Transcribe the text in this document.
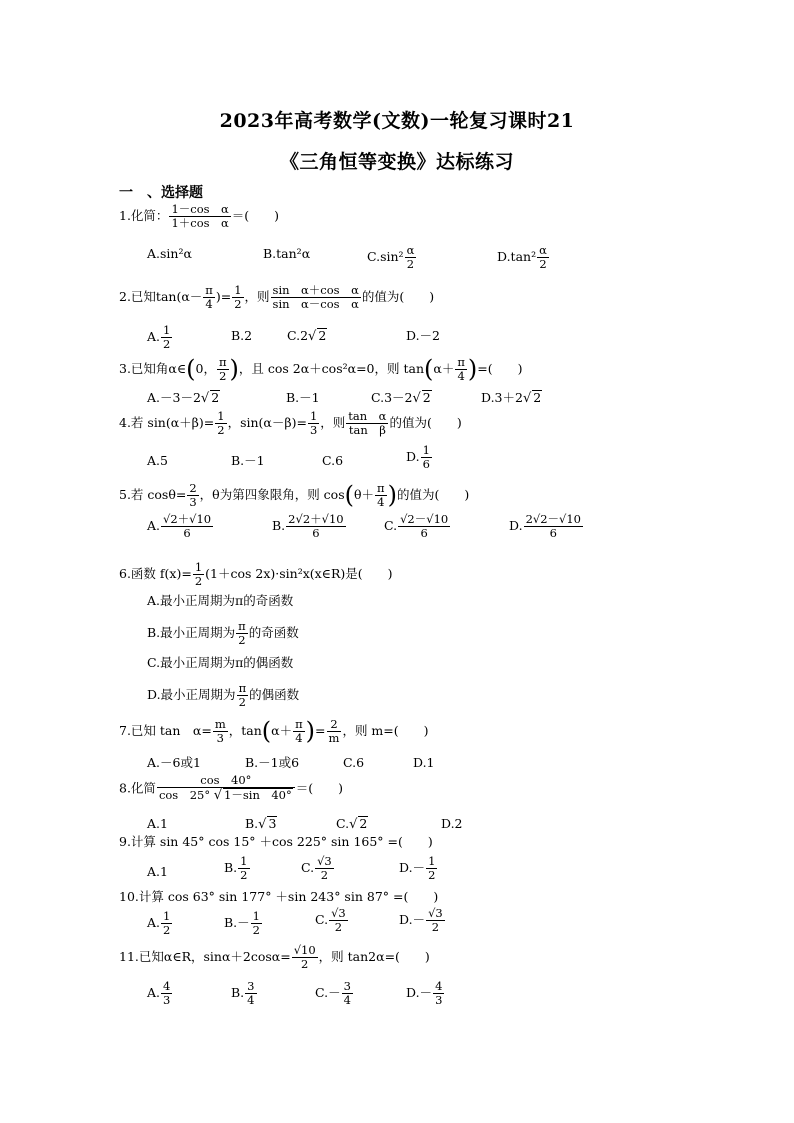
2023年高考数学(文数)一轮复习课时21
《三角恒等变换》达标练习
一　、选择题
1.化简： $\frac{\text{1－cos　α}}{\text{1＋cos　α}}$ ＝(　　)
A.sin²α	B.tan²α	$C.\sin^2 \frac{\alpha}{2}$	$D.\tan^2 \frac{\alpha}{2}$
2.已知$\tan(\alpha- \frac{\pi}{4}$ )= $\frac{1}{2}$ ，则 $\frac{\text{sin　α＋cos　α}}{\text{sin　α－cos　α}}$ 的值为(　　)
A. $\frac{1}{2}$	B.2	C.2√ 2	D.－2
3.已知角α∈(0， $\frac{\pi}{2}$ )，且 cos 2α＋cos²α=0，则 $\tan(\alpha+ \frac{\pi}{4}$ )=(　　)
A.－3－2√ 2	B.－1	C.3－2√ 2	D.3＋2√ 2
4.若 $\sin(\alpha+\beta)= \frac{1}{2}$ ，$\sin(\alpha-\beta)= \frac{1}{3}$ ，则 $\frac{\text{tan　α}}{\text{tan　β}}$ 的值为(　　)
A.5	B.－1	C.6	D. $\frac{1}{6}$
5.若 $\cos\theta= \frac{2}{3}$ ，θ为第四象限角，则 $\cos(\theta+ \frac{\pi}{4}$ )的值为(　　)
A. $\frac{√2+√10}{6}$	B. $\frac{2√2+√10}{6}$	C. $\frac{√2-√10}{6}$	D. $\frac{2√2-√10}{6}$
6.函数 $f(x)= \frac{1}{2} (1+\cos$ 2x)·sin²x(x∈R)是(　　)
A.最小正周期为π的奇函数
B.最小正周期为 $\frac{\pi}{2}$ 的奇函数
C.最小正周期为π的偶函数
D.最小正周期为 $\frac{\pi}{2}$ 的偶函数
7.已知 tan　$\alpha= \frac{m}{3}$ ，$\tan(\alpha+ \frac{\pi}{4}$ )= $\frac{2}{m}$ ，则 m=(　　)
A.－6或1	B.－1或6	C.6	D.1
8.化简 $\frac{\cos 40^\circ}{\cos 25^\circ √ 1-\sin 40^\circ}$ ＝(　　)
A.1	B.√ 3	C.√ 2	D.2
9.计算 sin 45° cos 15° ＋cos 225° sin 165° =(　　)
A.1	B. $\frac{1}{2}$	C. $\frac{√3}{2}$	$D.- \frac{1}{2}$
10.计算 cos 63° sin 177° ＋sin 243° sin 87° =(　　)
A. $\frac{1}{2}$	$B.- \frac{1}{2}$	C. $\frac{√3}{2}$	$D.- \frac{√3}{2}$
11.已知α∈R，$\sin\alpha+2\cos\alpha= \frac{√10}{2}$ ，则 tan2α=(　　)
A. $\frac{4}{3}$	B. $\frac{3}{4}$	$C.- \frac{3}{4}$	$D.- \frac{4}{3}$
